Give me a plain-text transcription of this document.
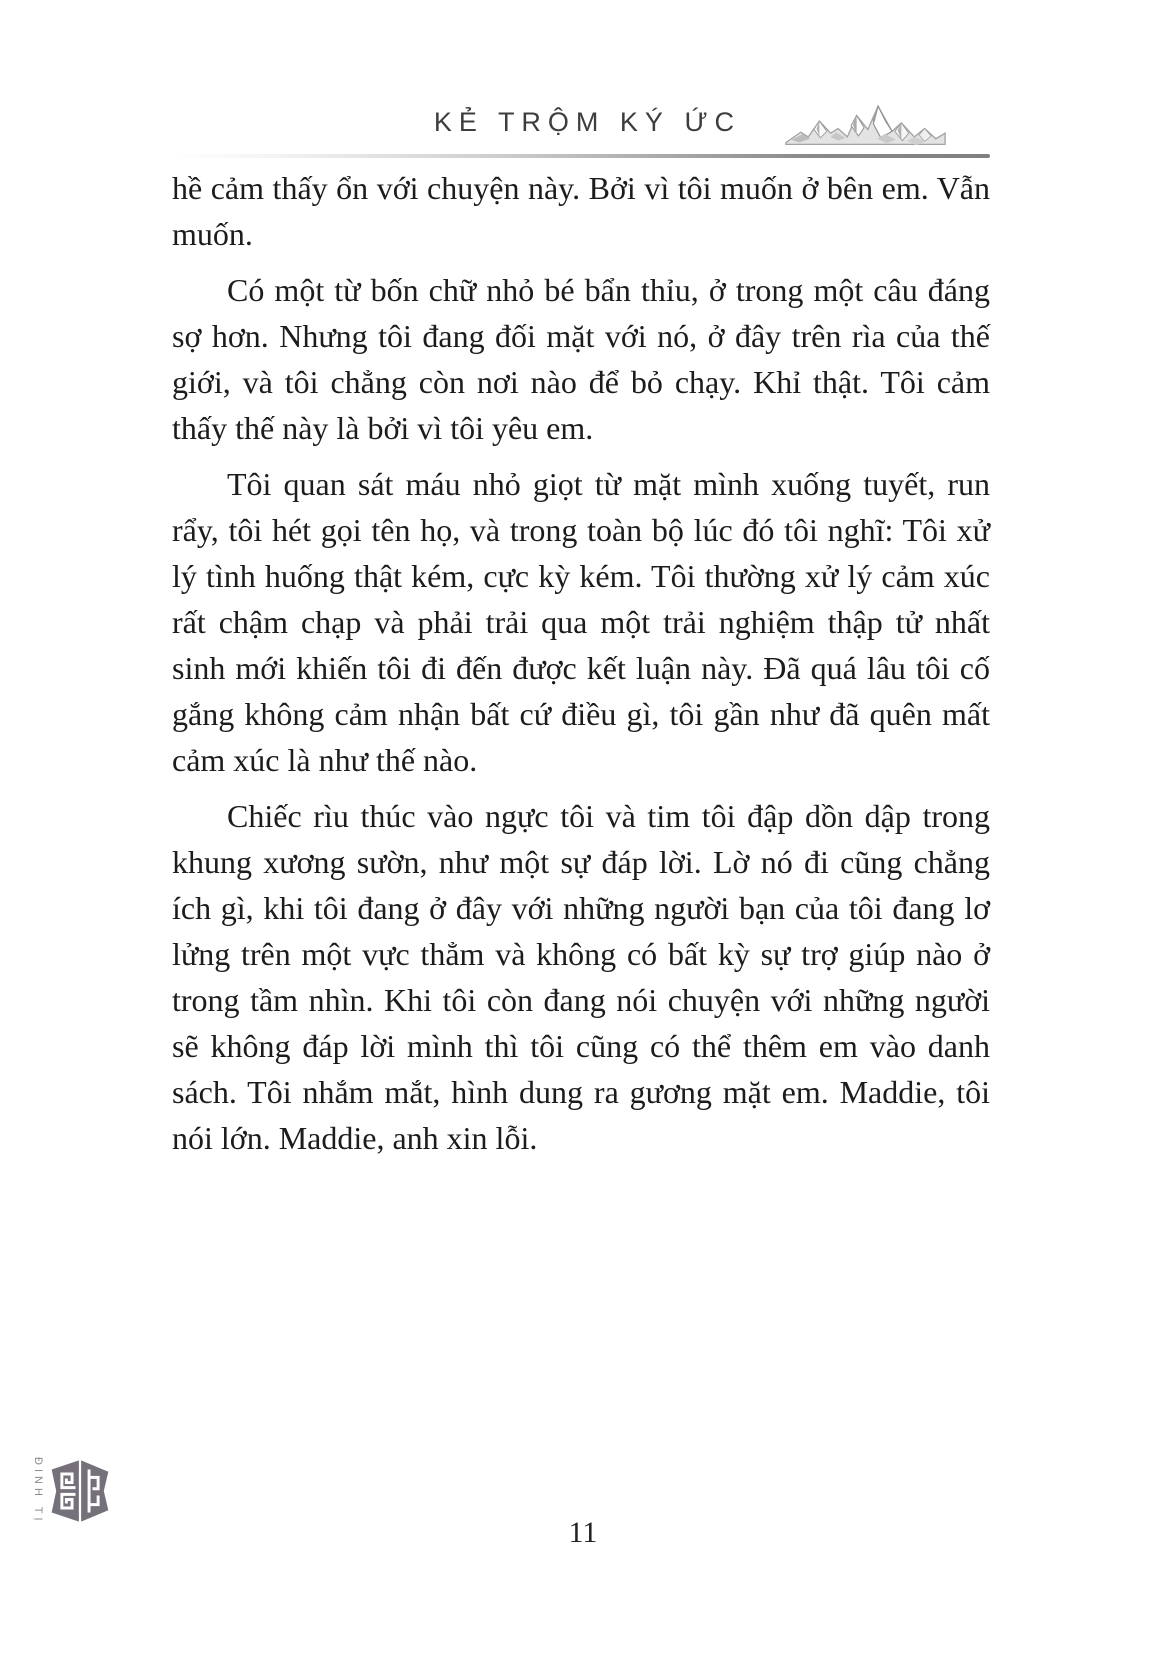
KẺ TRỘM KÝ ỨC

hề cảm thấy ổn với chuyện này. Bởi vì tôi muốn ở bên em. Vẫn muốn.

Có một từ bốn chữ nhỏ bé bẩn thỉu, ở trong một câu đáng sợ hơn. Nhưng tôi đang đối mặt với nó, ở đây trên rìa của thế giới, và tôi chẳng còn nơi nào để bỏ chạy. Khỉ thật. Tôi cảm thấy thế này là bởi vì tôi yêu em.

Tôi quan sát máu nhỏ giọt từ mặt mình xuống tuyết, run rẩy, tôi hét gọi tên họ, và trong toàn bộ lúc đó tôi nghĩ: Tôi xử lý tình huống thật kém, cực kỳ kém. Tôi thường xử lý cảm xúc rất chậm chạp và phải trải qua một trải nghiệm thập tử nhất sinh mới khiến tôi đi đến được kết luận này. Đã quá lâu tôi cố gắng không cảm nhận bất cứ điều gì, tôi gần như đã quên mất cảm xúc là như thế nào.

Chiếc rìu thúc vào ngực tôi và tim tôi đập dồn dập trong khung xương sườn, như một sự đáp lời. Lờ nó đi cũng chẳng ích gì, khi tôi đang ở đây với những người bạn của tôi đang lơ lửng trên một vực thẳm và không có bất kỳ sự trợ giúp nào ở trong tầm nhìn. Khi tôi còn đang nói chuyện với những người sẽ không đáp lời mình thì tôi cũng có thể thêm em vào danh sách. Tôi nhắm mắt, hình dung ra gương mặt em. Maddie, tôi nói lớn. Maddie, anh xin lỗi.

ĐINH TỊ
11
